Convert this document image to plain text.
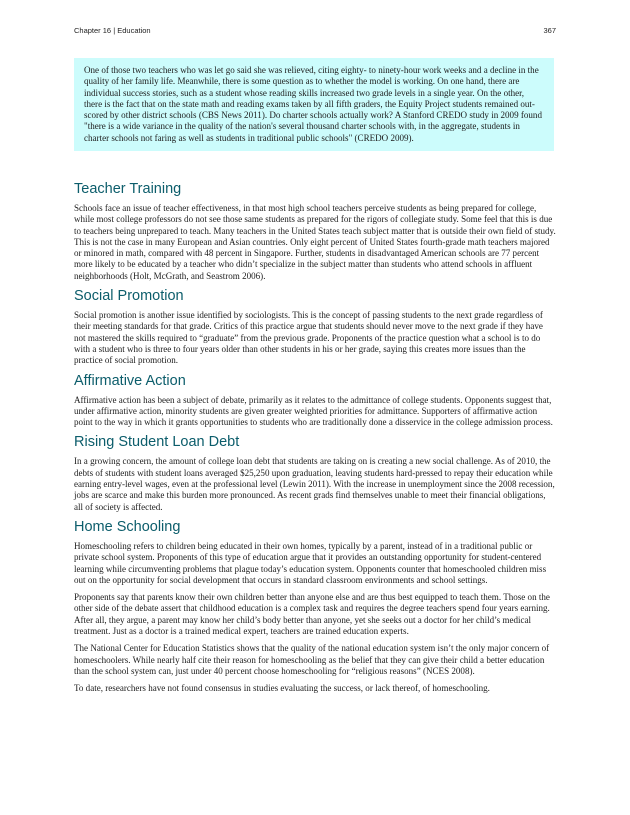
Chapter 16 | Education	367

One of those two teachers who was let go said she was relieved, citing eighty- to ninety-hour work weeks and a decline in the quality of her family life. Meanwhile, there is some question as to whether the model is working. On one hand, there are individual success stories, such as a student whose reading skills increased two grade levels in a single year. On the other, there is the fact that on the state math and reading exams taken by all fifth graders, the Equity Project students remained out-scored by other district schools (CBS News 2011). Do charter schools actually work? A Stanford CREDO study in 2009 found "there is a wide variance in the quality of the nation's several thousand charter schools with, in the aggregate, students in charter schools not faring as well as students in traditional public schools" (CREDO 2009).

Teacher Training

Schools face an issue of teacher effectiveness, in that most high school teachers perceive students as being prepared for college, while most college professors do not see those same students as prepared for the rigors of collegiate study. Some feel that this is due to teachers being unprepared to teach. Many teachers in the United States teach subject matter that is outside their own field of study. This is not the case in many European and Asian countries. Only eight percent of United States fourth-grade math teachers majored or minored in math, compared with 48 percent in Singapore. Further, students in disadvantaged American schools are 77 percent more likely to be educated by a teacher who didn’t specialize in the subject matter than students who attend schools in affluent neighborhoods (Holt, McGrath, and Seastrom 2006).

Social Promotion

Social promotion is another issue identified by sociologists. This is the concept of passing students to the next grade regardless of their meeting standards for that grade. Critics of this practice argue that students should never move to the next grade if they have not mastered the skills required to “graduate” from the previous grade. Proponents of the practice question what a school is to do with a student who is three to four years older than other students in his or her grade, saying this creates more issues than the practice of social promotion.

Affirmative Action

Affirmative action has been a subject of debate, primarily as it relates to the admittance of college students. Opponents suggest that, under affirmative action, minority students are given greater weighted priorities for admittance. Supporters of affirmative action point to the way in which it grants opportunities to students who are traditionally done a disservice in the college admission process.

Rising Student Loan Debt

In a growing concern, the amount of college loan debt that students are taking on is creating a new social challenge. As of 2010, the debts of students with student loans averaged $25,250 upon graduation, leaving students hard-pressed to repay their education while earning entry-level wages, even at the professional level (Lewin 2011). With the increase in unemployment since the 2008 recession, jobs are scarce and make this burden more pronounced. As recent grads find themselves unable to meet their financial obligations, all of society is affected.

Home Schooling

Homeschooling refers to children being educated in their own homes, typically by a parent, instead of in a traditional public or private school system. Proponents of this type of education argue that it provides an outstanding opportunity for student-centered learning while circumventing problems that plague today’s education system. Opponents counter that homeschooled children miss out on the opportunity for social development that occurs in standard classroom environments and school settings.

Proponents say that parents know their own children better than anyone else and are thus best equipped to teach them. Those on the other side of the debate assert that childhood education is a complex task and requires the degree teachers spend four years earning. After all, they argue, a parent may know her child’s body better than anyone, yet she seeks out a doctor for her child’s medical treatment. Just as a doctor is a trained medical expert, teachers are trained education experts.

The National Center for Education Statistics shows that the quality of the national education system isn’t the only major concern of homeschoolers. While nearly half cite their reason for homeschooling as the belief that they can give their child a better education than the school system can, just under 40 percent choose homeschooling for “religious reasons” (NCES 2008).

To date, researchers have not found consensus in studies evaluating the success, or lack thereof, of homeschooling.
